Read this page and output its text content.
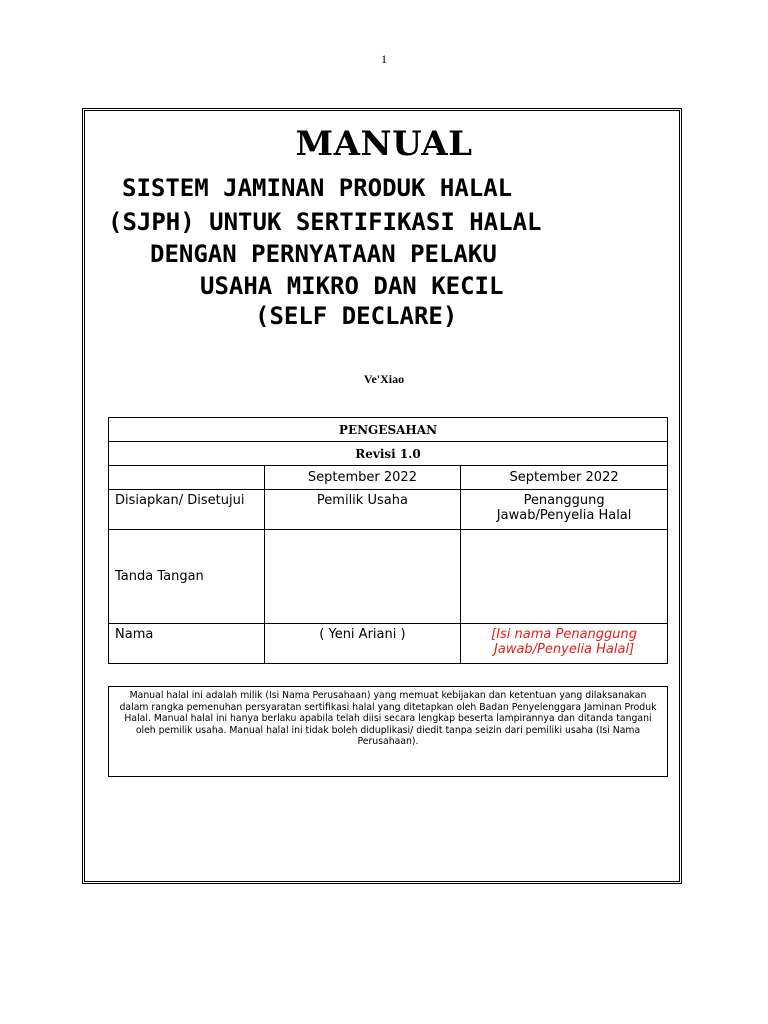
1
MANUAL
SISTEM JAMINAN PRODUK HALAL
(SJPH) UNTUK SERTIFIKASI HALAL
DENGAN PERNYATAAN PELAKU
USAHA MIKRO DAN KECIL
(SELF DECLARE)
Ve'Xiao
PENGESAHAN		
Revisi 1.0		
	September 2022	September 2022
Disiapkan/ Disetujui	Pemilik Usaha	Penanggung Jawab/Penyelia Halal
Tanda Tangan		
Nama	( Yeni Ariani )	[Isi nama Penanggung Jawab/Penyelia Halal]
Manual halal ini adalah milik (Isi Nama Perusahaan) yang memuat kebijakan dan ketentuan yang dilaksanakan dalam rangka pemenuhan persyaratan sertifikasi halal yang ditetapkan oleh Badan Penyelenggara Jaminan Produk Halal. Manual halal ini hanya berlaku apabila telah diisi secara lengkap beserta lampirannya dan ditanda tangani oleh pemilik usaha. Manual halal ini tidak boleh diduplikasi/ diedit tanpa seizin dari pemiliki usaha (Isi Nama Perusahaan).
